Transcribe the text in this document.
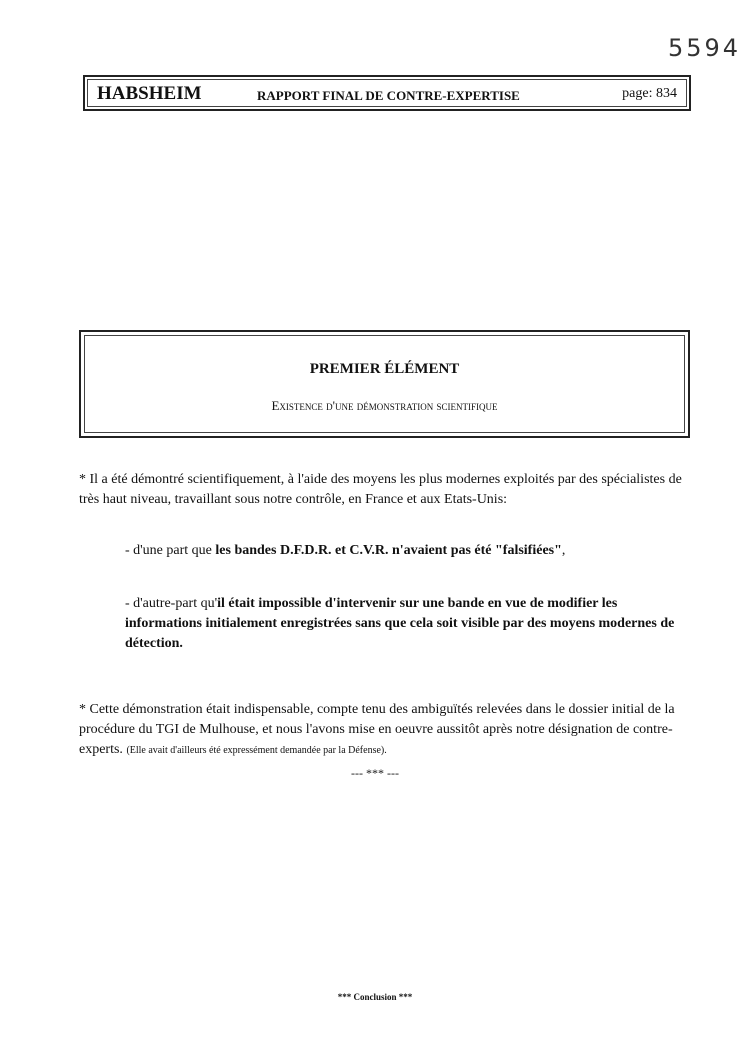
5594
HABSHEIM	RAPPORT FINAL DE CONTRE-EXPERTISE	page: 834
PREMIER ÉLÉMENT
Existence d'une démonstration scientifique
* Il a été démontré scientifiquement, à l'aide des moyens les plus modernes exploités par des spécialistes de très haut niveau, travaillant sous notre contrôle, en France et aux Etats-Unis:
- d'une part que les bandes D.F.D.R. et C.V.R. n'avaient pas été "falsifiées",
- d'autre-part qu'il était impossible d'intervenir sur une bande en vue de modifier les informations initialement enregistrées sans que cela soit visible par des moyens modernes de détection.
* Cette démonstration était indispensable, compte tenu des ambiguïtés relevées dans le dossier initial de la procédure du TGI de Mulhouse, et nous l'avons mise en oeuvre aussitôt après notre désignation de contre-experts. (Elle avait d'ailleurs été expressément demandée par la Défense).
--- *** ---
*** Conclusion ***
